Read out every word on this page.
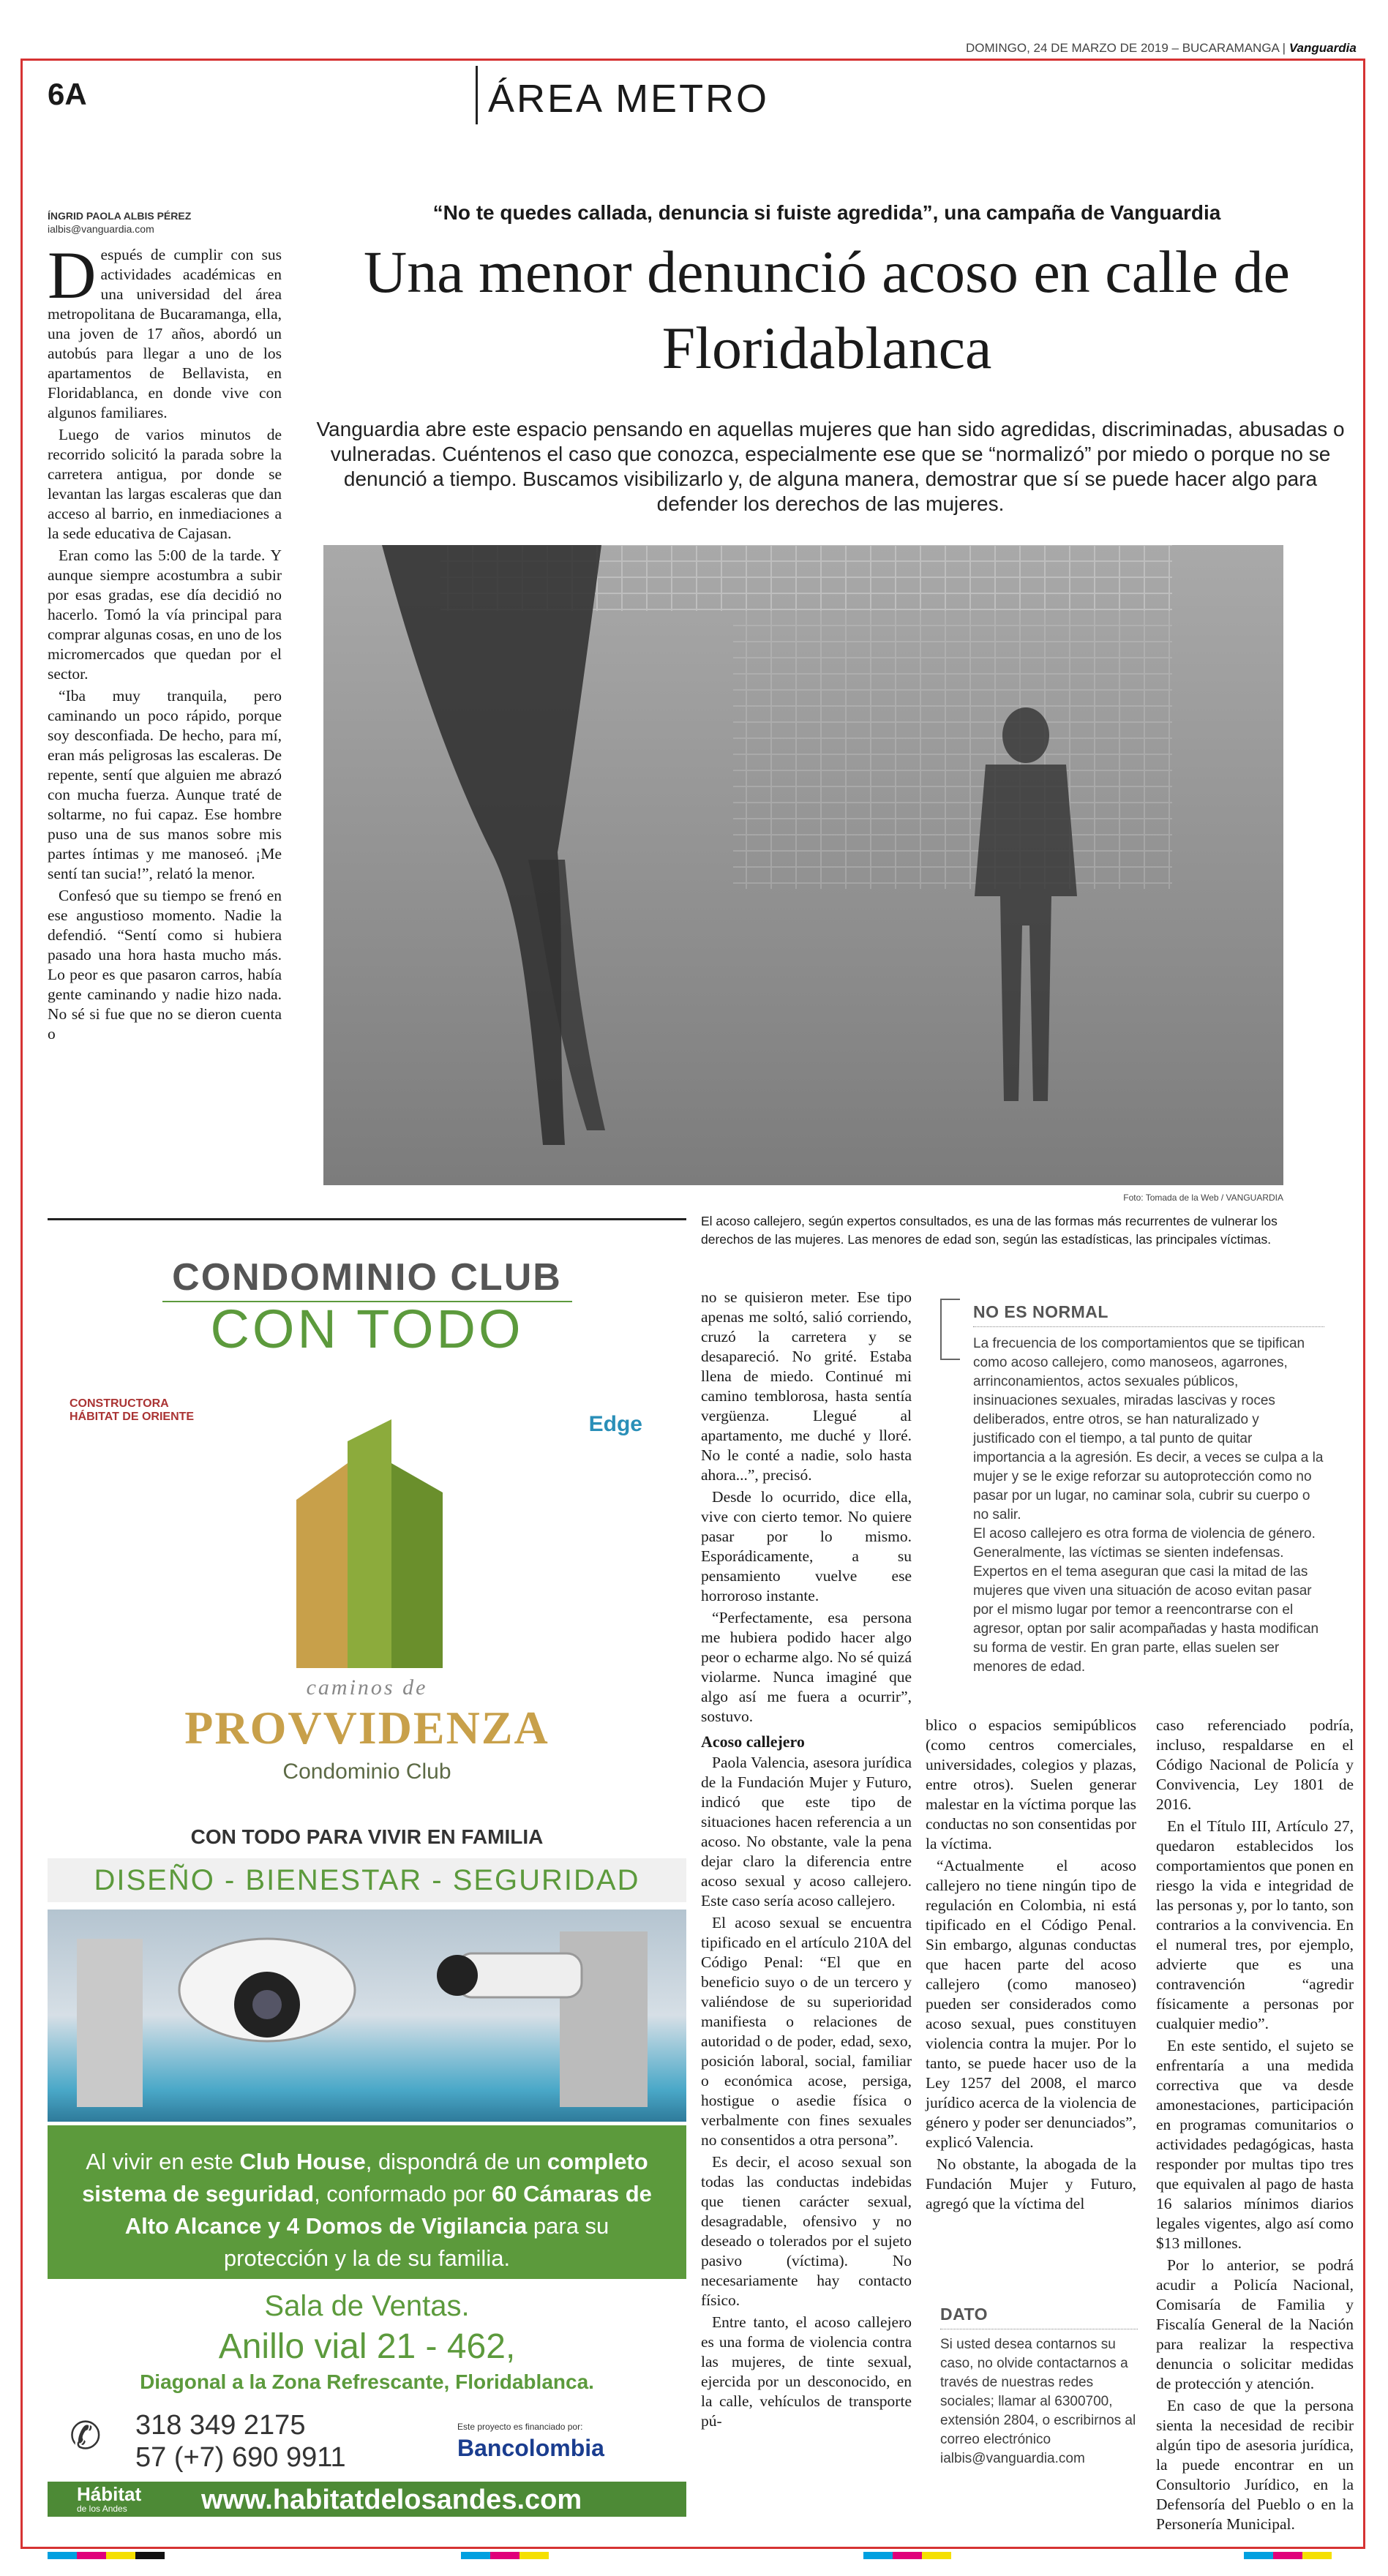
DOMINGO, 24 DE MARZO DE 2019 – BUCARAMANGA | Vanguardia
6A	ÁREA METRO
ÍNGRID PAOLA ALBIS PÉREZ
ialbis@vanguardia.com
“No te quedes callada, denuncia si fuiste agredida”, una campaña de Vanguardia
Una menor denunció acoso en calle de Floridablanca
Vanguardia abre este espacio pensando en aquellas mujeres que han sido agredidas, discriminadas, abusadas o vulneradas. Cuéntenos el caso que conozca, especialmente ese que se “normalizó” por miedo o porque no se denunció a tiempo. Buscamos visibilizarlo y, de alguna manera, demostrar que sí se puede hacer algo para defender los derechos de las mujeres.

Después de cumplir con sus actividades académicas en una universidad del área metropolitana de Bucaramanga, ella, una joven de 17 años, abordó un autobús para llegar a uno de los apartamentos de Bellavista, en Floridablanca, en donde vive con algunos familiares.

Luego de varios minutos de recorrido solicitó la parada sobre la carretera antigua, por donde se levantan las largas escaleras que dan acceso al barrio, en inmediaciones a la sede educativa de Cajasan.

Eran como las 5:00 de la tarde. Y aunque siempre acostumbra a subir por esas gradas, ese día decidió no hacerlo. Tomó la vía principal para comprar algunas cosas, en uno de los micromercados que quedan por el sector.

“Iba muy tranquila, pero caminando un poco rápido, porque soy desconfiada. De hecho, para mí, eran más peligrosas las escaleras. De repente, sentí que alguien me abrazó con mucha fuerza. Aunque traté de soltarme, no fui capaz. Ese hombre puso una de sus manos sobre mis partes íntimas y me manoseó. ¡Me sentí tan sucia!”, relató la menor.

Confesó que su tiempo se frenó en ese angustioso momento. Nadie la defendió. “Sentí como si hubiera pasado una hora hasta mucho más. Lo peor es que pasaron carros, había gente caminando y nadie hizo nada. No sé si fue que no se dieron cuenta o

Foto: Tomada de la Web / VANGUARDIA
El acoso callejero, según expertos consultados, es una de las formas más recurrentes de vulnerar los derechos de las mujeres. Las menores de edad son, según las estadísticas, las principales víctimas.
CONDOMINIO CLUB
CON TODO
CONSTRUCTORA HÁBITAT DE ORIENTE	Edge
caminos de
PROVVIDENZA
Condominio Club
CON TODO PARA VIVIR EN FAMILIA
DISEÑO - BIENESTAR - SEGURIDAD
Al vivir en este Club House, dispondrá de un completo sistema de seguridad, conformado por 60 Cámaras de Alto Alcance y 4 Domos de Vigilancia para su protección y la de su familia.
Sala de Ventas.
Anillo vial 21 - 462,
Diagonal a la Zona Refrescante, Floridablanca.
✆ 318 349 2175
57 (+7) 690 9911
Este proyecto es financiado por:
Bancolombia
Hábitat
de los Andes	www.habitatdelosandes.com

no se quisieron meter. Ese tipo apenas me soltó, salió corriendo, cruzó la carretera y se desapareció. No grité. Estaba llena de miedo. Continué mi camino temblorosa, hasta sentía vergüenza. Llegué al apartamento, me duché y lloré. No le conté a nadie, solo hasta ahora...”, precisó.

Desde lo ocurrido, dice ella, vive con cierto temor. No quiere pasar por lo mismo. Esporádicamente, a su pensamiento vuelve ese horroroso instante.

“Perfectamente, esa persona me hubiera podido hacer algo peor o echarme algo. No sé quizá violarme. Nunca imaginé que algo así me fuera a ocurrir”, sostuvo.

Acoso callejero

Paola Valencia, asesora jurídica de la Fundación Mujer y Futuro, indicó que este tipo de situaciones hacen referencia a un acoso. No obstante, vale la pena dejar claro la diferencia entre acoso sexual y acoso callejero. Este caso sería acoso callejero.

El acoso sexual se encuentra tipificado en el artículo 210A del Código Penal: “El que en beneficio suyo o de un tercero y valiéndose de su superioridad manifiesta o relaciones de autoridad o de poder, edad, sexo, posición laboral, social, familiar o económica acose, persiga, hostigue o asedie física o verbalmente con fines sexuales no consentidos a otra persona”.

Es decir, el acoso sexual son todas las conductas indebidas que tienen carácter sexual, desagradable, ofensivo y no deseado o tolerados por el sujeto pasivo (víctima). No necesariamente hay contacto físico.

Entre tanto, el acoso callejero es una forma de violencia contra las mujeres, de tinte sexual, ejercida por un desconocido, en la calle, vehículos de transporte pú-

NO ES NORMAL

La frecuencia de los comportamientos que se tipifican como acoso callejero, como manoseos, agarrones, arrinconamientos, actos sexuales públicos, insinuaciones sexuales, miradas lascivas y roces deliberados, entre otros, se han naturalizado y justificado con el tiempo, a tal punto de quitar importancia a la agresión. Es decir, a veces se culpa a la mujer y se le exige reforzar su autoprotección como no pasar por un lugar, no caminar sola, cubrir su cuerpo o no salir.

El acoso callejero es otra forma de violencia de género. Generalmente, las víctimas se sienten indefensas. Expertos en el tema aseguran que casi la mitad de las mujeres que viven una situación de acoso evitan pasar por el mismo lugar por temor a reencontrarse con el agresor, optan por salir acompañadas y hasta modifican su forma de vestir. En gran parte, ellas suelen ser menores de edad.

blico o espacios semipúblicos (como centros comerciales, universidades, colegios y plazas, entre otros). Suelen generar malestar en la víctima porque las conductas no son consentidas por la víctima.

“Actualmente el acoso callejero no tiene ningún tipo de regulación en Colombia, ni está tipificado en el Código Penal. Sin embargo, algunas conductas que hacen parte del acoso callejero (como manoseo) pueden ser considerados como acoso sexual, pues constituyen violencia contra la mujer. Por lo tanto, se puede hacer uso de la Ley 1257 del 2008, el marco jurídico acerca de la violencia de género y poder ser denunciados”, explicó Valencia.

No obstante, la abogada de la Fundación Mujer y Futuro, agregó que la víctima del

DATO
Si usted desea contarnos su caso, no olvide contactarnos a través de nuestras redes sociales; llamar al 6300700, extensión 2804, o escribirnos al correo electrónico ialbis@vanguardia.com

caso referenciado podría, incluso, respaldarse en el Código Nacional de Policía y Convivencia, Ley 1801 de 2016.

En el Título III, Artículo 27, quedaron establecidos los comportamientos que ponen en riesgo la vida e integridad de las personas y, por lo tanto, son contrarios a la convivencia. En el numeral tres, por ejemplo, advierte que es una contravención “agredir físicamente a personas por cualquier medio”.

En este sentido, el sujeto se enfrentaría a una medida correctiva que va desde amonestaciones, participación en programas comunitarios o actividades pedagógicas, hasta responder por multas tipo tres que equivalen al pago de hasta 16 salarios mínimos diarios legales vigentes, algo así como $13 millones.

Por lo anterior, se podrá acudir a Policía Nacional, Comisaría de Familia y Fiscalía General de la Nación para realizar la respectiva denuncia o solicitar medidas de protección y atención.

En caso de que la persona sienta la necesidad de recibir algún tipo de asesoria jurídica, la puede encontrar en un Consultorio Jurídico, en la Defensoría del Pueblo o en la Personería Municipal.
